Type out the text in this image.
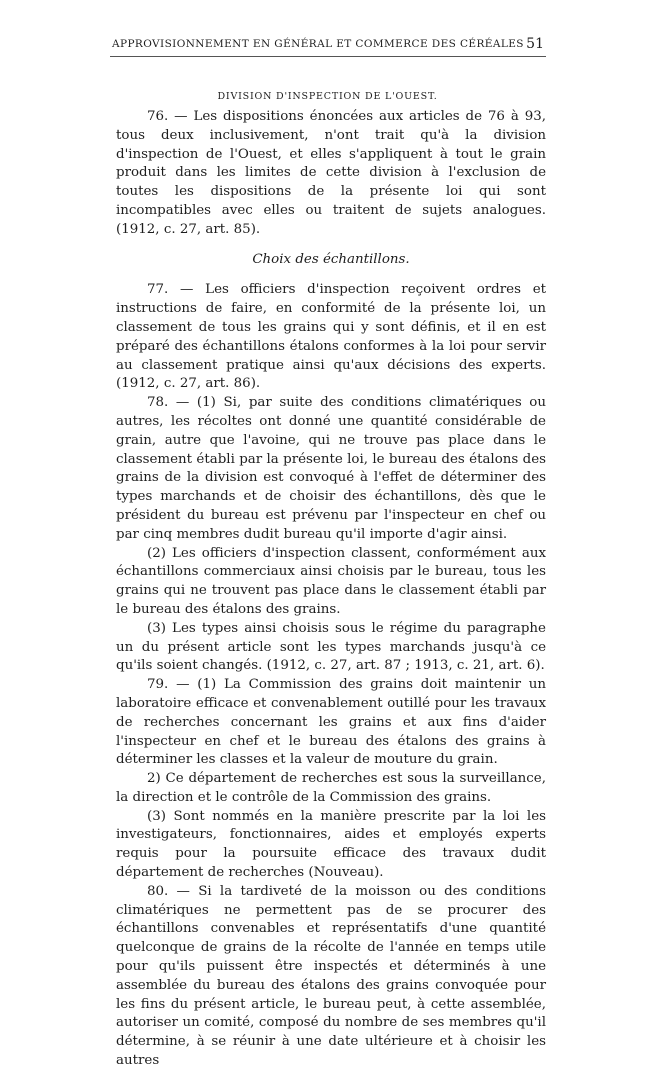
APPROVISIONNEMENT EN GÉNÉRAL ET COMMERCE DES CÉRÉALES 51
DIVISION D'INSPECTION DE L'OUEST.

76. — Les dispositions énoncées aux articles de 76 à 93, tous deux inclusivement, n'ont trait qu'à la division d'inspection de l'Ouest, et elles s'appliquent à tout le grain produit dans les limites de cette division à l'exclusion de toutes les dispositions de la présente loi qui sont incompatibles avec elles ou traitent de sujets analogues. (1912, c. 27, art. 85).

Choix des échantillons.

77. — Les officiers d'inspection reçoivent ordres et instructions de faire, en conformité de la présente loi, un classement de tous les grains qui y sont définis, et il en est préparé des échantillons étalons conformes à la loi pour servir au classement pratique ainsi qu'aux décisions des experts. (1912, c. 27, art. 86).

78. — (1) Si, par suite des conditions climatériques ou autres, les récoltes ont donné une quantité considérable de grain, autre que l'avoine, qui ne trouve pas place dans le classement établi par la présente loi, le bureau des étalons des grains de la division est convoqué à l'effet de déterminer des types marchands et de choisir des échantillons, dès que le président du bureau est prévenu par l'inspecteur en chef ou par cinq membres dudit bureau qu'il importe d'agir ainsi.

(2) Les officiers d'inspection classent, conformément aux échantillons commerciaux ainsi choisis par le bureau, tous les grains qui ne trouvent pas place dans le classement établi par le bureau des étalons des grains.

(3) Les types ainsi choisis sous le régime du paragraphe un du présent article sont les types marchands jusqu'à ce qu'ils soient changés. (1912, c. 27, art. 87 ; 1913, c. 21, art. 6).

79. — (1) La Commission des grains doit maintenir un laboratoire efficace et convenablement outillé pour les travaux de recherches concernant les grains et aux fins d'aider l'inspecteur en chef et le bureau des étalons des grains à déterminer les classes et la valeur de mouture du grain.

2) Ce département de recherches est sous la surveillance, la direction et le contrôle de la Commission des grains.

(3) Sont nommés en la manière prescrite par la loi les investigateurs, fonctionnaires, aides et employés experts requis pour la poursuite efficace des travaux dudit département de recherches (Nouveau).

80. — Si la tardiveté de la moisson ou des conditions climatériques ne permettent pas de se procurer des échantillons convenables et représentatifs d'une quantité quelconque de grains de la récolte de l'année en temps utile pour qu'ils puissent être inspectés et déterminés à une assemblée du bureau des étalons des grains convoquée pour les fins du présent article, le bureau peut, à cette assemblée, autoriser un comité, composé du nombre de ses membres qu'il détermine, à se réunir à une date ultérieure et à choisir les autres
